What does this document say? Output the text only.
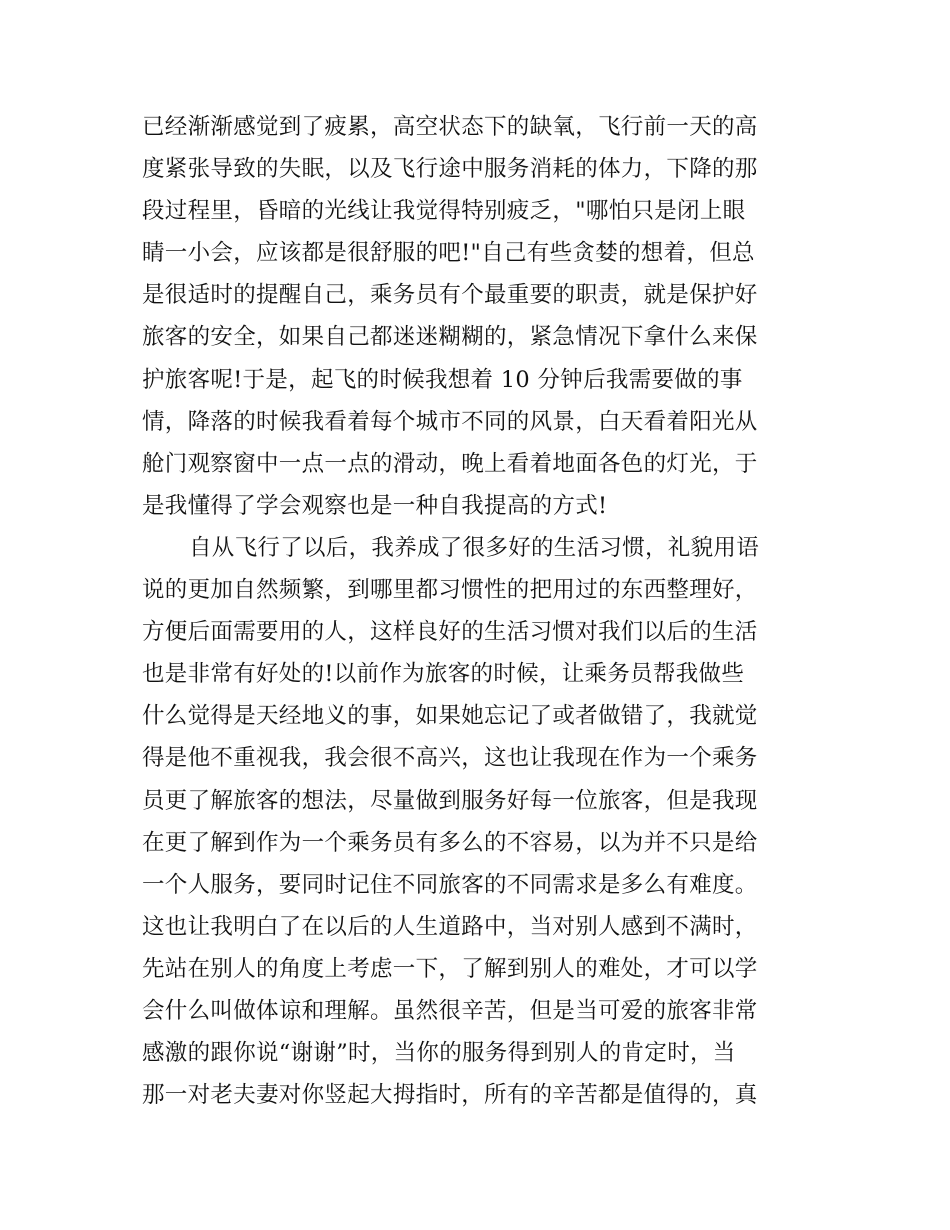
已经渐渐感觉到了疲累，高空状态下的缺氧，飞行前一天的高
度紧张导致的失眠，以及飞行途中服务消耗的体力，下降的那
段过程里，昏暗的光线让我觉得特别疲乏，"哪怕只是闭上眼
睛一小会，应该都是很舒服的吧!"自己有些贪婪的想着，但总
是很适时的提醒自己，乘务员有个最重要的职责，就是保护好
旅客的安全，如果自己都迷迷糊糊的，紧急情况下拿什么来保
护旅客呢!于是，起飞的时候我想着 10 分钟后我需要做的事
情，降落的时候我看着每个城市不同的风景，白天看着阳光从
舱门观察窗中一点一点的滑动，晚上看着地面各色的灯光，于
是我懂得了学会观察也是一种自我提高的方式!
自从飞行了以后，我养成了很多好的生活习惯，礼貌用语
说的更加自然频繁，到哪里都习惯性的把用过的东西整理好，
方便后面需要用的人，这样良好的生活习惯对我们以后的生活
也是非常有好处的!以前作为旅客的时候，让乘务员帮我做些
什么觉得是天经地义的事，如果她忘记了或者做错了，我就觉
得是他不重视我，我会很不高兴，这也让我现在作为一个乘务
员更了解旅客的想法，尽量做到服务好每一位旅客，但是我现
在更了解到作为一个乘务员有多么的不容易，以为并不只是给
一个人服务，要同时记住不同旅客的不同需求是多么有难度。
这也让我明白了在以后的人生道路中，当对别人感到不满时，
先站在别人的角度上考虑一下，了解到别人的难处，才可以学
会什么叫做体谅和理解。虽然很辛苦，但是当可爱的旅客非常
感激的跟你说“谢谢”时，当你的服务得到别人的肯定时，当
那一对老夫妻对你竖起大拇指时，所有的辛苦都是值得的，真
